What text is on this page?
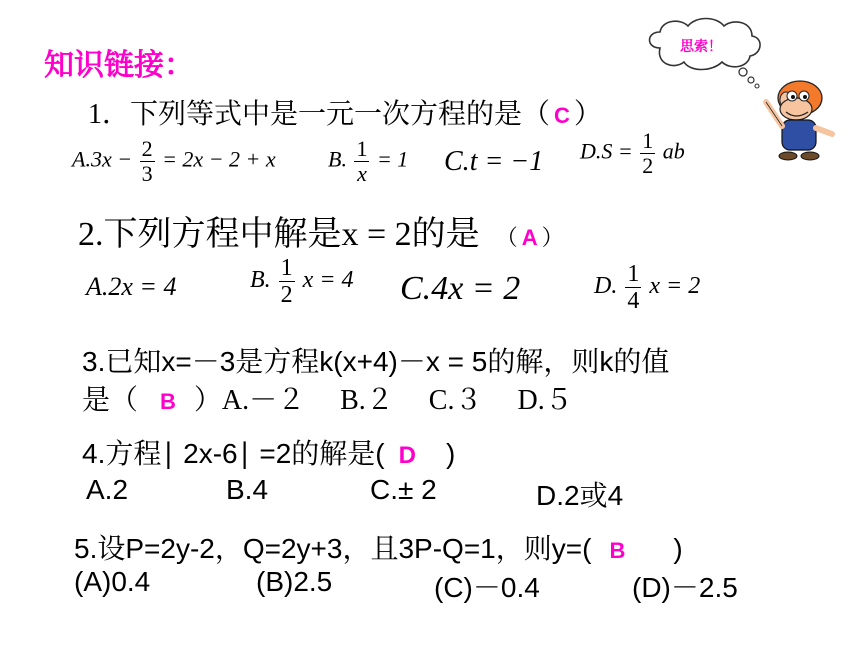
知识链接：
思索！
1．下列等式中是一元一次方程的是（ C ）
$A.3x - \frac{2}{3} = 2x - 2 + x$ B. $\frac{1}{x} = 1$ C.t = −1 $D.S = \frac{1}{2}$ ab
2.下列方程中解是x = 2的是 （ A ）
A.2x = 4	B. $\frac{1}{2}$ x = 4 C.4x = 2	D. $\frac{1}{4}$ x = 2
3.已知x=－3是方程k(x+4)－x = 5的解，则k的值
是（ B ）A.－２　 B.２　 C.３　 D.５
4.方程∣ 2x-6∣ =2的解是( D )
A.2	B.4	C.± 2	D.2或4
5.设P=2y-2，Q=2y+3，且3P-Q=1，则y=( B )
(A)0.4	(B)2.5	(C)－0.4	(D)－2.5
